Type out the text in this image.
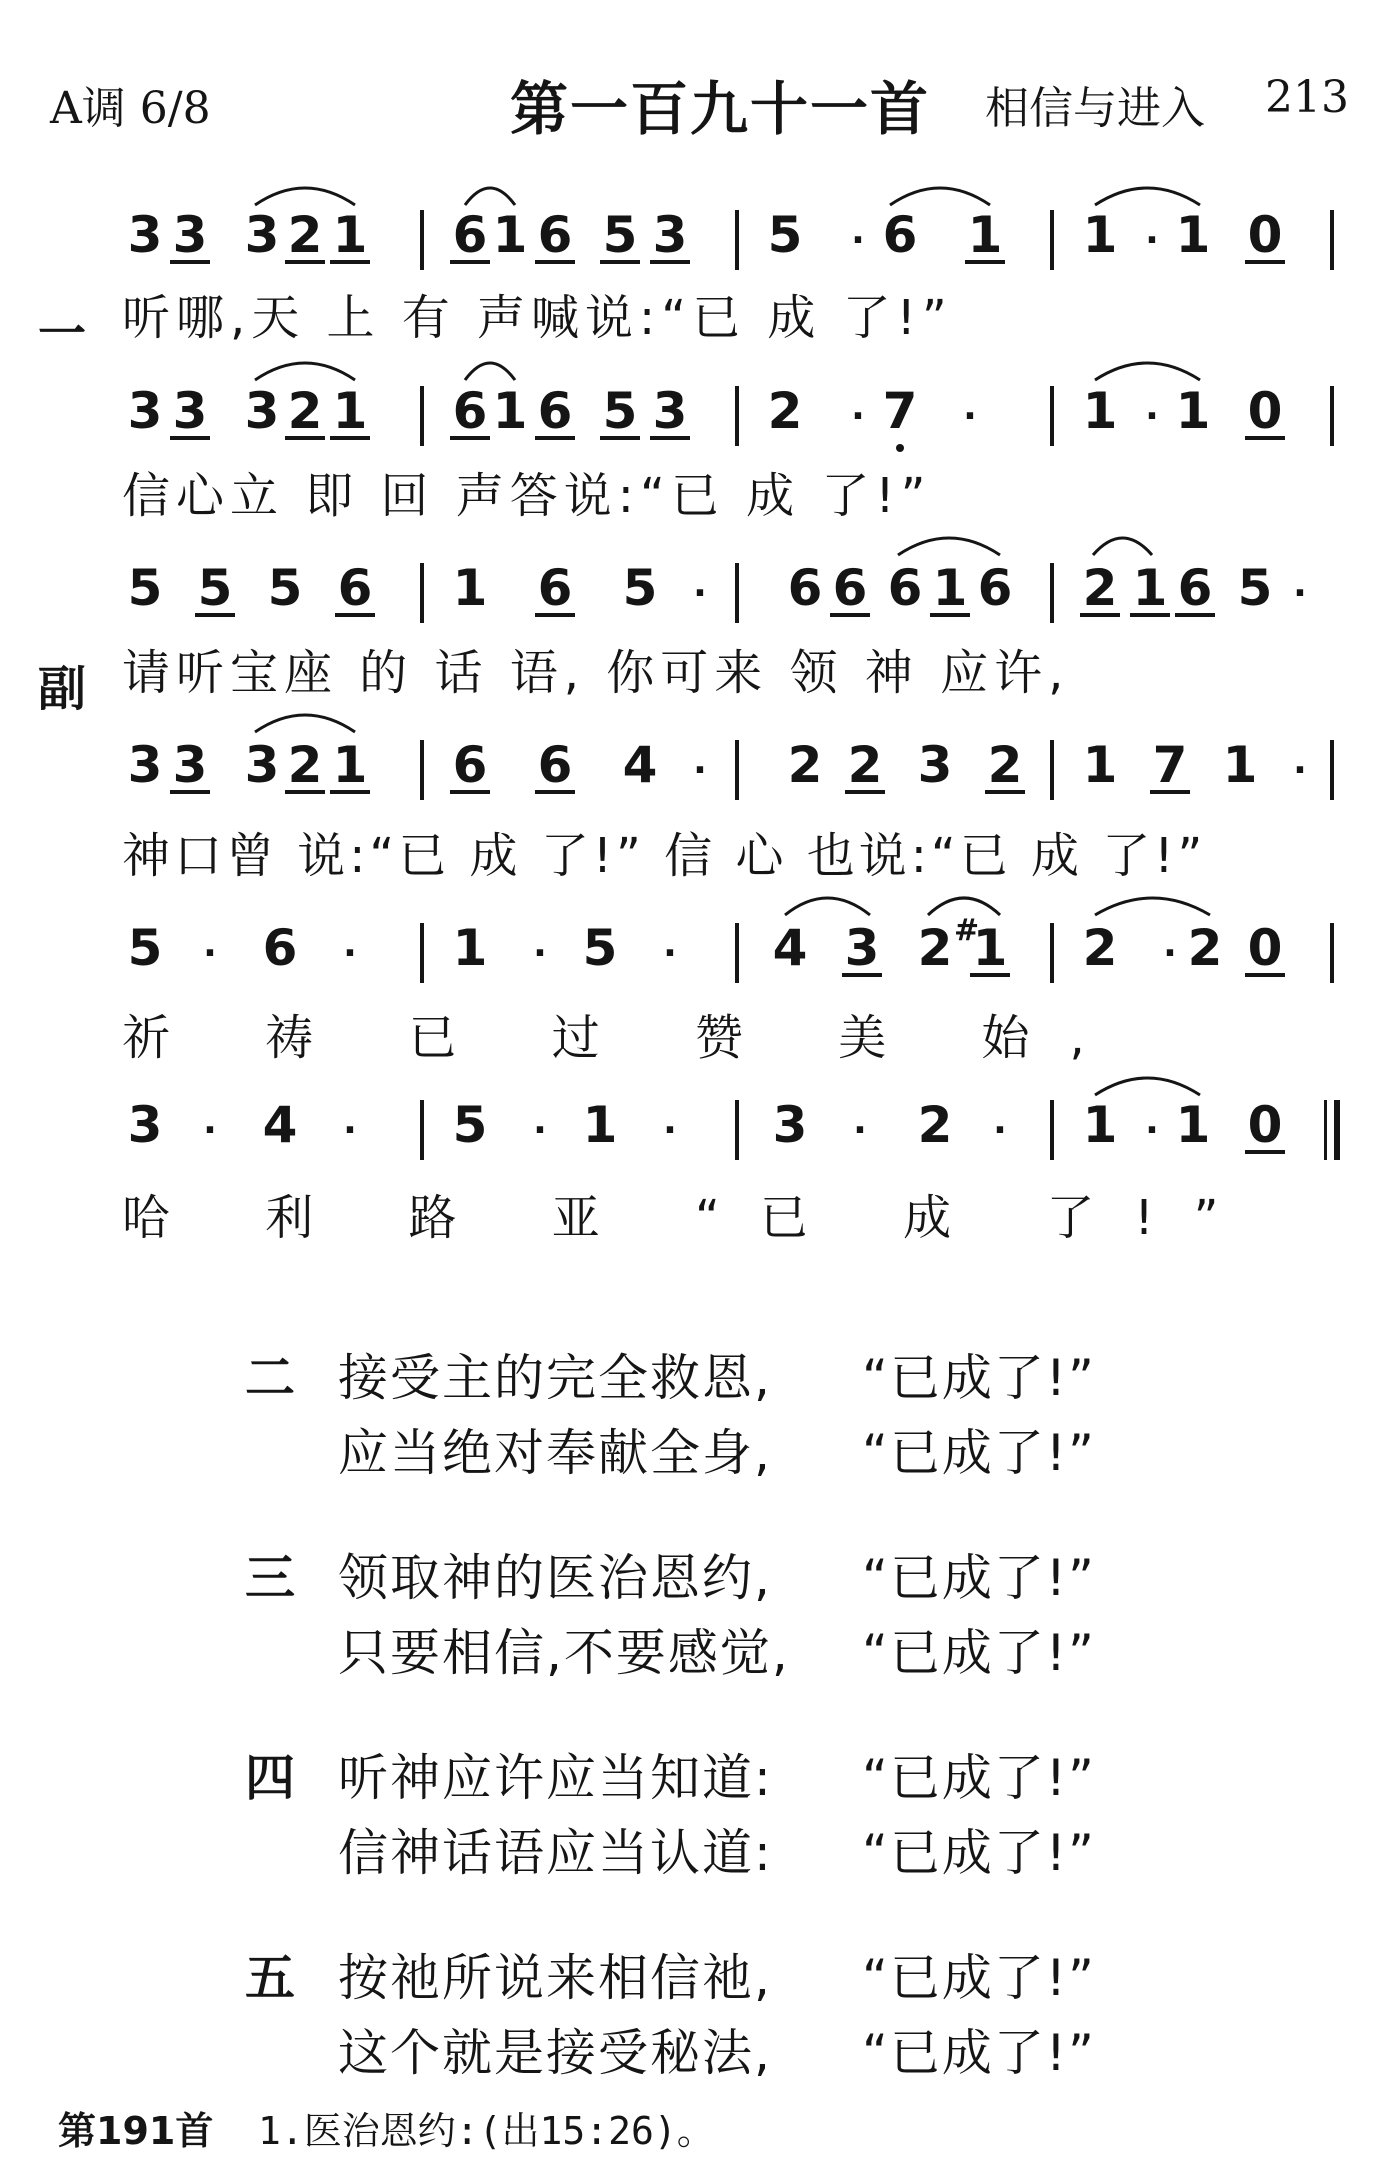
A调 6/8	第一百九十一首 相信与进入 213
3 3 3 2 1 6 1 6 5 3 5 · 6 1 1 · 1 0
3 3 3 2 1 6 1 6 5 3 2 · 7 · 1 · 1 0
5 5 5 6 1 6 5 · 6 6 6 1 6 2 1 6 5 ·
3 3 3 2 1 6 6 4 · 2 2 3 2 1 7 1 ·
5 · 6 · 1 · 5 · 4 3 2 #
1 2 · 2 0
3 · 4 · 5 · 1 · 3 · 2 · 1 · 1 0
一 听哪,天 上 有 声喊说:“已 成 了!”
信心立 即 回 声答说:“已 成 了!”
副 请听宝座 的 话 语, 你可来 领 神 应许,
神口曾 说:“已 成 了!” 信 心 也说:“已 成 了!”
祈 祷 已 过 赞 美 始,
哈 利 路 亚 “已 成 了!”
二 接受主的完全救恩, “已成了!”
应当绝对奉献全身, “已成了!”
三 领取神的医治恩约, “已成了!”
只要相信,不要感觉, “已成了!”
四 听神应许应当知道: “已成了!”
信神话语应当认道: “已成了!”
五 按祂所说来相信祂, “已成了!”
这个就是接受秘法, “已成了!”
第191首 1.医治恩约:(出15:26)。
